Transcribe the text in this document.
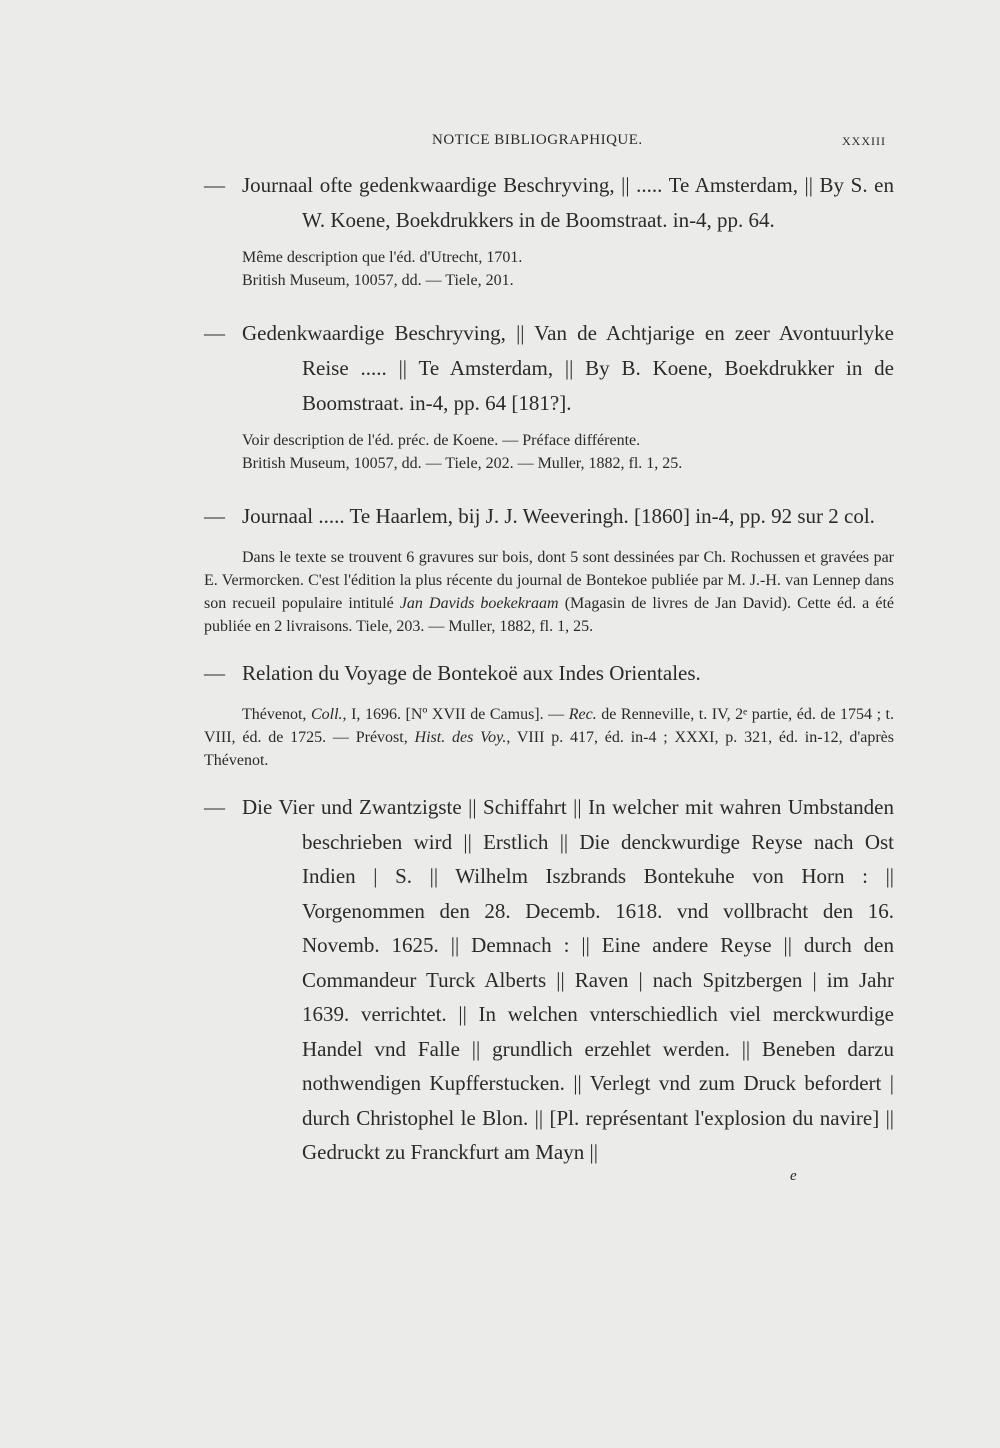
NOTICE BIBLIOGRAPHIQUE.	XXXIII

— Journaal ofte gedenkwaardige Beschryving, || ..... Te Amsterdam, || By S. en W. Koene, Boekdrukkers in de Boomstraat. in-4, pp. 64.

Même description que l'éd. d'Utrecht, 1701.
British Museum, 10057, dd. — Tiele, 201.

— Gedenkwaardige Beschryving, || Van de Achtjarige en zeer Avontuurlyke Reise ..... || Te Amsterdam, || By B. Koene, Boekdrukker in de Boomstraat. in-4, pp. 64 [181?].

Voir description de l'éd. préc. de Koene. — Préface différente.
British Museum, 10057, dd. — Tiele, 202. — Muller, 1882, fl. 1, 25.

— Journaal ..... Te Haarlem, bij J. J. Weeveringh. [1860] in-4, pp. 92 sur 2 col.

Dans le texte se trouvent 6 gravures sur bois, dont 5 sont dessinées par Ch. Rochussen et gravées par E. Vermorcken. C'est l'édition la plus récente du journal de Bontekoe publiée par M. J.-H. van Lennep dans son recueil populaire intitulé Jan Davids boekekraam (Magasin de livres de Jan David). Cette éd. a été publiée en 2 livraisons. Tiele, 203. — Muller, 1882, fl. 1, 25.

— Relation du Voyage de Bontekoë aux Indes Orientales.

Thévenot, Coll., I, 1696. [Nº XVII de Camus]. — Rec. de Renneville, t. IV, 2ᵉ partie, éd. de 1754 ; t. VIII, éd. de 1725. — Prévost, Hist. des Voy., VIII p. 417, éd. in-4 ; XXXI, p. 321, éd. in-12, d'après Thévenot.

— Die Vier und Zwantzigste || Schiffahrt || In welcher mit wahren Umbstanden beschrieben wird || Erstlich || Die denckwurdige Reyse nach Ost Indien | S. || Wilhelm Iszbrands Bontekuhe von Horn : || Vorgenommen den 28. Decemb. 1618. vnd vollbracht den 16. Novemb. 1625. || Demnach : || Eine andere Reyse || durch den Commandeur Turck Alberts || Raven | nach Spitzbergen | im Jahr 1639. verrichtet. || In welchen vnterschiedlich viel merckwurdige Handel vnd Falle || grundlich erzehlet werden. || Beneben darzu nothwendigen Kupfferstucken. || Verlegt vnd zum Druck befordert | durch Christophel le Blon. || [Pl. représentant l'explosion du navire] || Gedruckt zu Franckfurt am Mayn ||

e
